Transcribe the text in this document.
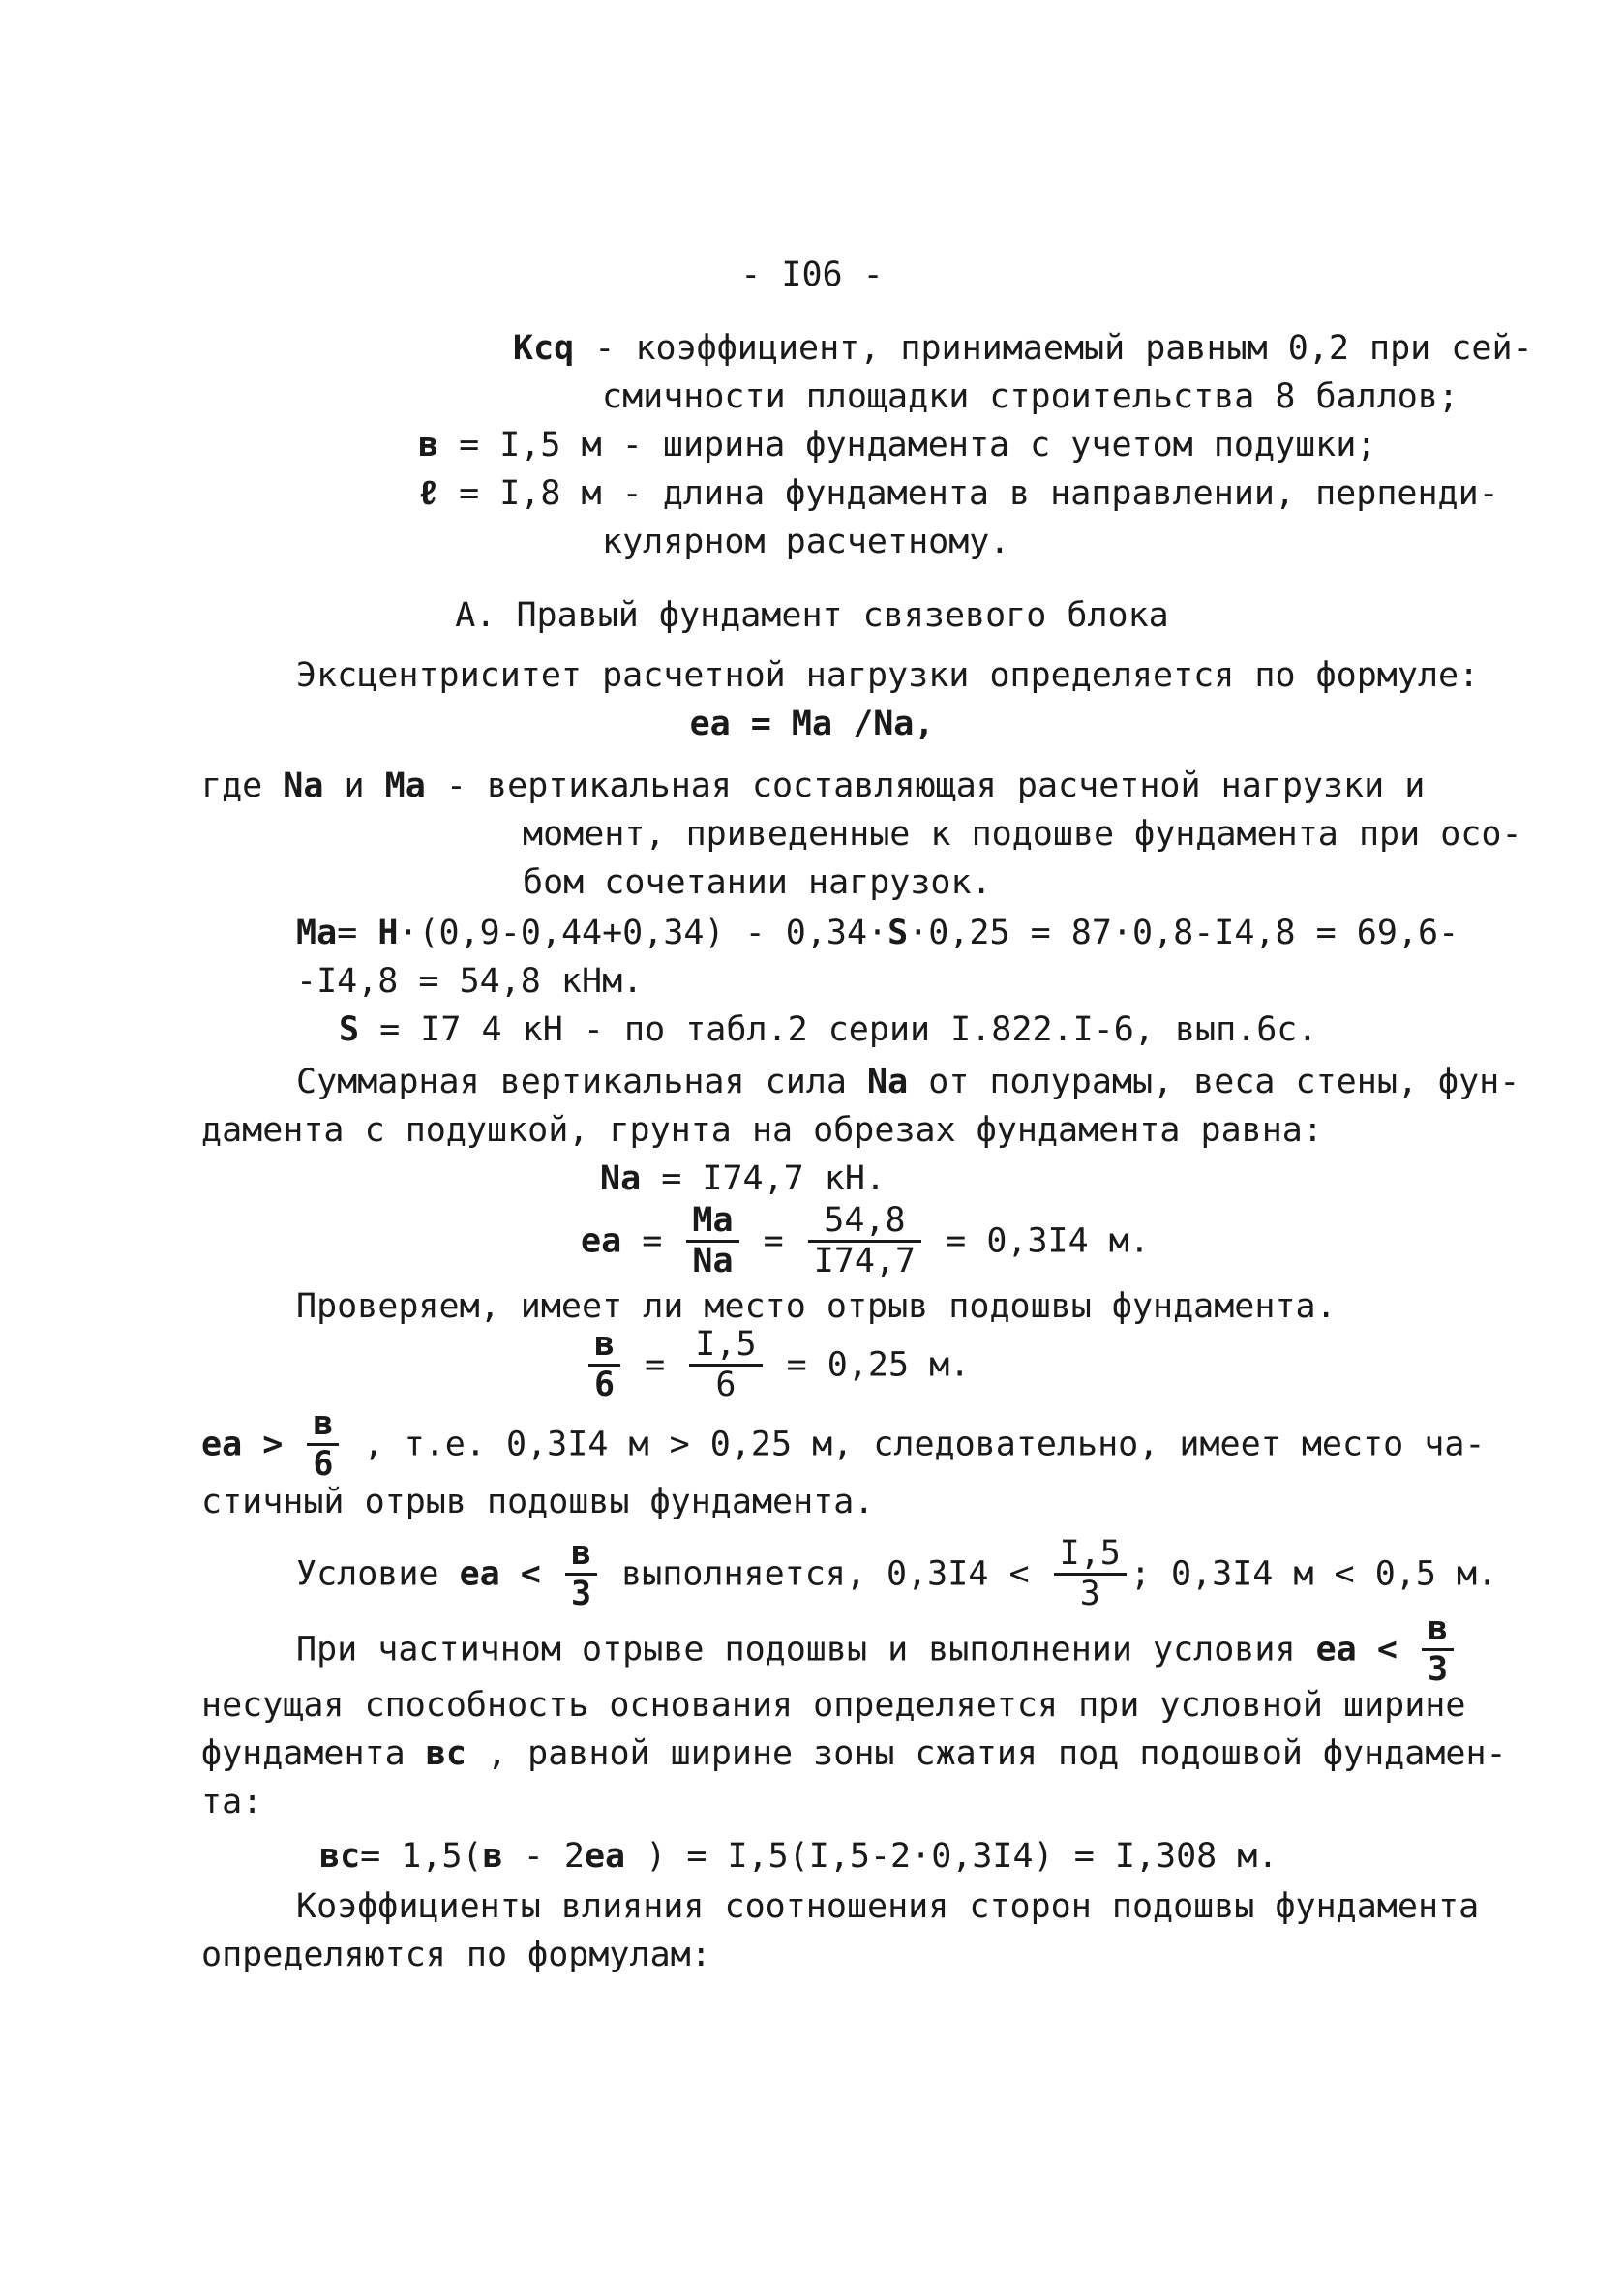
- I06 -
Kсq - коэффициент, принимаемый равным 0,2 при сей-
смичности площадки строительства 8 баллов;
в = I,5 м - ширина фундамента с учетом подушки;
ℓ = I,8 м - длина фундамента в направлении, перпенди-
кулярном расчетному.
А. Правый фундамент связевого блока
Эксцентриситет расчетной нагрузки определяется по формуле:
ea = Ma /Na,
где Na и Ma - вертикальная составляющая расчетной нагрузки и
момент, приведенные к подошве фундамента при осо-
бом сочетании нагрузок.
Ma= H·(0,9-0,44+0,34) - 0,34·S·0,25 = 87·0,8-I4,8 = 69,6-
-I4,8 = 54,8 кНм.
S = I7 4 кН - по табл.2 серии I.822.I-6, вып.6с.
Суммарная вертикальная сила Na от полурамы, веса стены, фун-
дамента с подушкой, грунта на обрезах фундамента равна:
Na = I74,7 кН.
ea = $\frac{Ma}{Na} = \frac{54,8}{I74,7} = 0,3I4$ м.
Проверяем, имеет ли место отрыв подошвы фундамента.
$\frac{в}{6} = \frac{I,5}{6} = 0,25$ м.
ea > $\frac{в}{6}$ , т.е. 0,3I4 м > 0,25 м, следовательно, имеет место ча-
стичный отрыв подошвы фундамента.
Условие ea < $\frac{в}{3}$ выполняется, $0,3I4 < \frac{I,5}{3}$ ; 0,3I4 м < 0,5 м.
При частичном отрыве подошвы и выполнении условия ea < $\frac{в}{3}$
несущая способность основания определяется при условной ширине
фундамента вс , равной ширине зоны сжатия под подошвой фундамен-
та:
вс= 1,5(в - 2ea ) = I,5(I,5-2·0,3I4) = I,308 м.
Коэффициенты влияния соотношения сторон подошвы фундамента
определяются по формулам:
